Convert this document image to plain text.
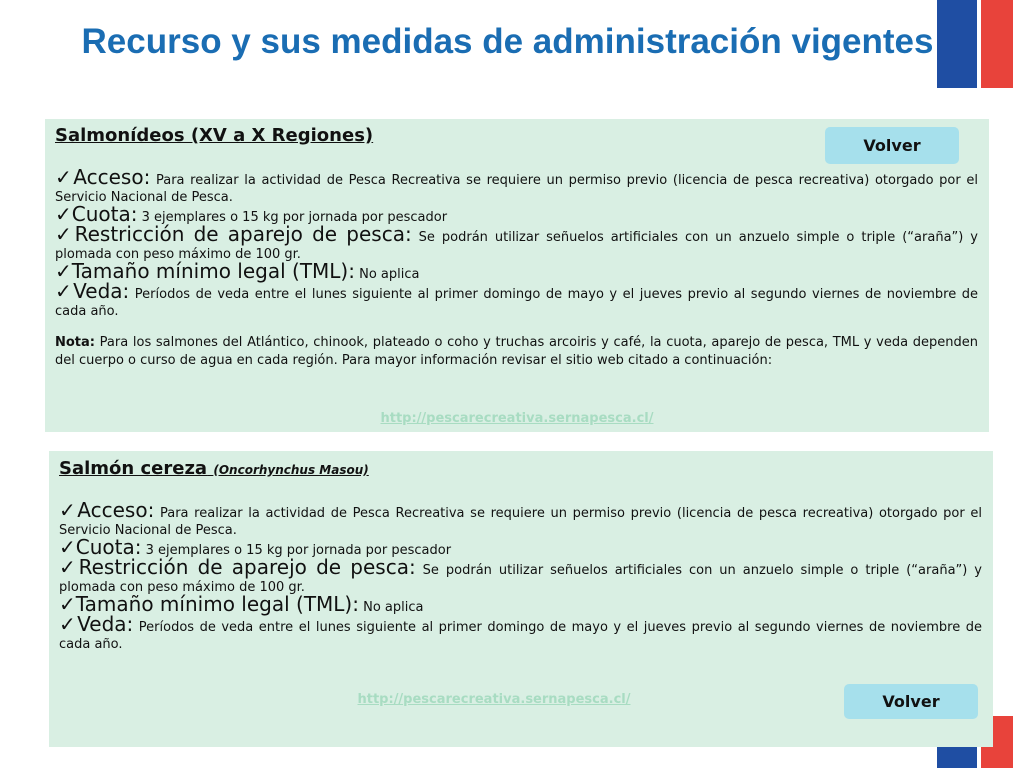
Recurso y sus medidas de administración vigentes
Salmonídeos (XV a X Regiones)

✓Acceso: Para realizar la actividad de Pesca Recreativa se requiere un permiso previo (licencia de pesca recreativa) otorgado por el Servicio Nacional de Pesca.

✓Cuota: 3 ejemplares o 15 kg por jornada por pescador

✓Restricción de aparejo de pesca: Se podrán utilizar señuelos artificiales con un anzuelo simple o triple (“araña”) y plomada con peso máximo de 100 gr.

✓Tamaño mínimo legal (TML): No aplica

✓Veda: Períodos de veda entre el lunes siguiente al primer domingo de mayo y el jueves previo al segundo viernes de noviembre de cada año.

Nota: Para los salmones del Atlántico, chinook, plateado o coho y truchas arcoiris y café, la cuota, aparejo de pesca, TML y veda dependen del cuerpo o curso de agua en cada región. Para mayor información revisar el sitio web citado a continuación:
http://pescarecreativa.sernapesca.cl/
Volver
Salmón cereza (Oncorhynchus Masou)

✓Acceso: Para realizar la actividad de Pesca Recreativa se requiere un permiso previo (licencia de pesca recreativa) otorgado por el Servicio Nacional de Pesca.

✓Cuota: 3 ejemplares o 15 kg por jornada por pescador

✓Restricción de aparejo de pesca: Se podrán utilizar señuelos artificiales con un anzuelo simple o triple (“araña”) y plomada con peso máximo de 100 gr.

✓Tamaño mínimo legal (TML): No aplica

✓Veda: Períodos de veda entre el lunes siguiente al primer domingo de mayo y el jueves previo al segundo viernes de noviembre de cada año.

http://pescarecreativa.sernapesca.cl/	Volver
